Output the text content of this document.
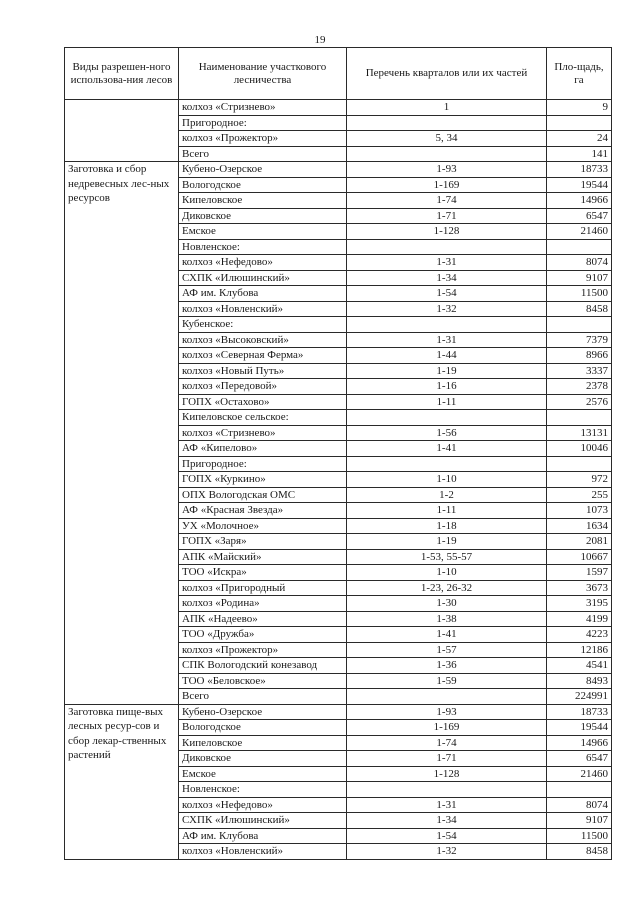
19
Виды разрешен-ного использова-ния лесов	Наименование участкового лесничества	Перечень кварталов или их частей	Пло-щадь, га
	колхоз «Стризнево»	1	9
	Пригородное:		
	колхоз «Прожектор»	5, 34	24
	Всего		141
Заготовка и сбор недревесных лес-ных ресурсов	Кубено-Озерское	1-93	18733
	Вологодское	1-169	19544
	Кипеловское	1-74	14966
	Диковское	1-71	6547
	Емское	1-128	21460
	Новленское:		
	колхоз «Нефедово»	1-31	8074
	СХПК «Илюшинский»	1-34	9107
	АФ им. Клубова	1-54	11500
	колхоз «Новленский»	1-32	8458
	Кубенское:		
	колхоз «Высоковский»	1-31	7379
	колхоз «Северная Ферма»	1-44	8966
	колхоз «Новый Путь»	1-19	3337
	колхоз «Передовой»	1-16	2378
	ГОПХ «Остахово»	1-11	2576
	Кипеловское сельское:		
	колхоз «Стризнево»	1-56	13131
	АФ «Кипелово»	1-41	10046
	Пригородное:		
	ГОПХ «Куркино»	1-10	972
	ОПХ Вологодская ОМС	1-2	255
	АФ «Красная Звезда»	1-11	1073
	УХ «Молочное»	1-18	1634
	ГОПХ «Заря»	1-19	2081
	АПК «Майский»	1-53, 55-57	10667
	ТОО «Искра»	1-10	1597
	колхоз «Пригородный	1-23, 26-32	3673
	колхоз «Родина»	1-30	3195
	АПК «Надеево»	1-38	4199
	ТОО «Дружба»	1-41	4223
	колхоз «Прожектор»	1-57	12186
	СПК Вологодский конезавод	1-36	4541
	ТОО «Беловское»	1-59	8493
	Всего		224991
Заготовка пище-вых лесных ресур-сов и сбор лекар-ственных растений	Кубено-Озерское	1-93	18733
	Вологодское	1-169	19544
	Кипеловское	1-74	14966
	Диковское	1-71	6547
	Емское	1-128	21460
	Новленское:		
	колхоз «Нефедово»	1-31	8074
	СХПК «Илюшинский»	1-34	9107
	АФ им. Клубова	1-54	11500
	колхоз «Новленский»	1-32	8458
